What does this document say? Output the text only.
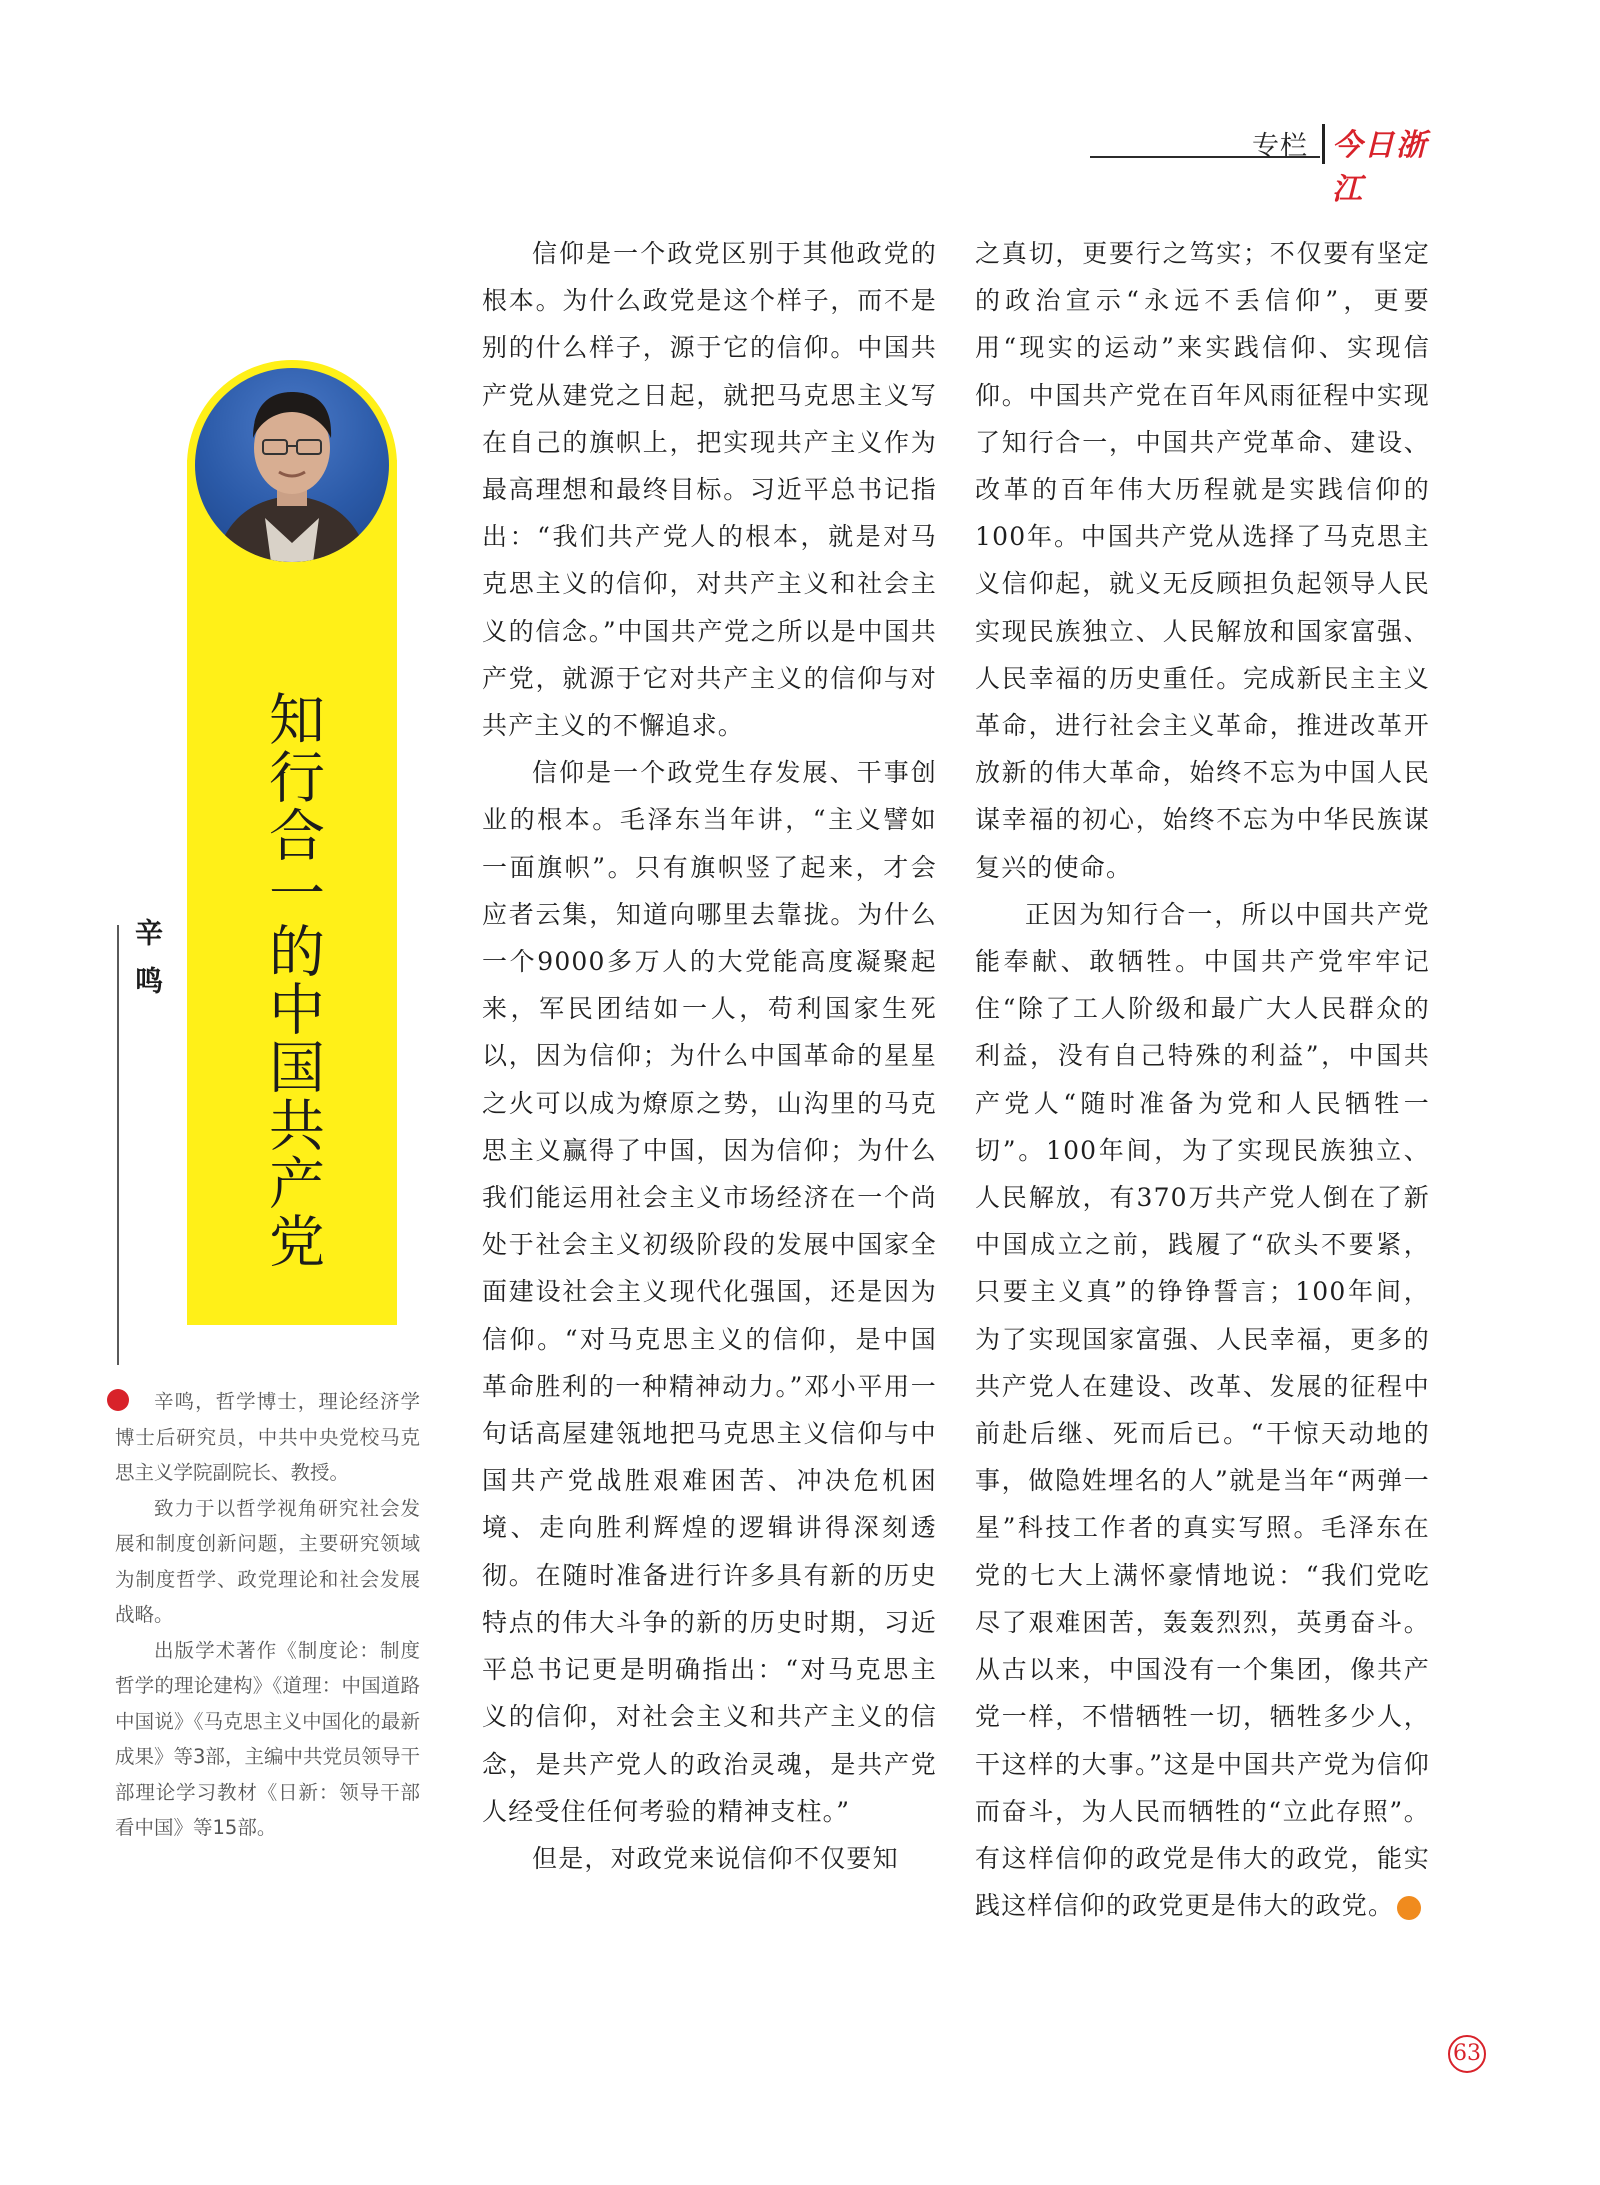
专栏 今日浙江
知行合一的中国共产党
辛鸣

辛鸣，哲学博士，理论经济学博士后研究员，中共中央党校马克思主义学院副院长、教授。

致力于以哲学视角研究社会发展和制度创新问题，主要研究领域为制度哲学、政党理论和社会发展战略。

出版学术著作《制度论：制度哲学的理论建构》《道理：中国道路中国说》《马克思主义中国化的最新成果》等3部，主编中共党员领导干部理论学习教材《日新：领导干部看中国》等15部。

信仰是一个政党区别于其他政党的根本。为什么政党是这个样子，而不是别的什么样子，源于它的信仰。中国共产党从建党之日起，就把马克思主义写在自己的旗帜上，把实现共产主义作为最高理想和最终目标。习近平总书记指出：“我们共产党人的根本，就是对马克思主义的信仰，对共产主义和社会主义的信念。”中国共产党之所以是中国共产党，就源于它对共产主义的信仰与对共产主义的不懈追求。

信仰是一个政党生存发展、干事创业的根本。毛泽东当年讲，“主义譬如一面旗帜”。只有旗帜竖了起来，才会应者云集，知道向哪里去靠拢。为什么一个9000多万人的大党能高度凝聚起来，军民团结如一人，苟利国家生死以，因为信仰；为什么中国革命的星星之火可以成为燎原之势，山沟里的马克思主义赢得了中国，因为信仰；为什么我们能运用社会主义市场经济在一个尚处于社会主义初级阶段的发展中国家全面建设社会主义现代化强国，还是因为信仰。“对马克思主义的信仰，是中国革命胜利的一种精神动力。”邓小平用一句话高屋建瓴地把马克思主义信仰与中国共产党战胜艰难困苦、冲决危机困境、走向胜利辉煌的逻辑讲得深刻透彻。在随时准备进行许多具有新的历史特点的伟大斗争的新的历史时期，习近平总书记更是明确指出：“对马克思主义的信仰，对社会主义和共产主义的信念，是共产党人的政治灵魂，是共产党人经受住任何考验的精神支柱。”

但是，对政党来说信仰不仅要知

之真切，更要行之笃实；不仅要有坚定的政治宣示“永远不丢信仰”，更要用“现实的运动”来实践信仰、实现信仰。中国共产党在百年风雨征程中实现了知行合一，中国共产党革命、建设、改革的百年伟大历程就是实践信仰的100年。中国共产党从选择了马克思主义信仰起，就义无反顾担负起领导人民实现民族独立、人民解放和国家富强、人民幸福的历史重任。完成新民主主义革命，进行社会主义革命，推进改革开放新的伟大革命，始终不忘为中国人民谋幸福的初心，始终不忘为中华民族谋复兴的使命。

正因为知行合一，所以中国共产党能奉献、敢牺牲。中国共产党牢牢记住“除了工人阶级和最广大人民群众的利益，没有自己特殊的利益”，中国共产党人“随时准备为党和人民牺牲一切”。100年间，为了实现民族独立、人民解放，有370万共产党人倒在了新中国成立之前，践履了“砍头不要紧，只要主义真”的铮铮誓言；100年间，为了实现国家富强、人民幸福，更多的共产党人在建设、改革、发展的征程中前赴后继、死而后已。“干惊天动地的事，做隐姓埋名的人”就是当年“两弹一星”科技工作者的真实写照。毛泽东在党的七大上满怀豪情地说：“我们党吃尽了艰难困苦，轰轰烈烈，英勇奋斗。从古以来，中国没有一个集团，像共产党一样，不惜牺牲一切，牺牲多少人，干这样的大事。”这是中国共产党为信仰而奋斗，为人民而牺牲的“立此存照”。有这样信仰的政党是伟大的政党，能实践这样信仰的政党更是伟大的政党。

63
